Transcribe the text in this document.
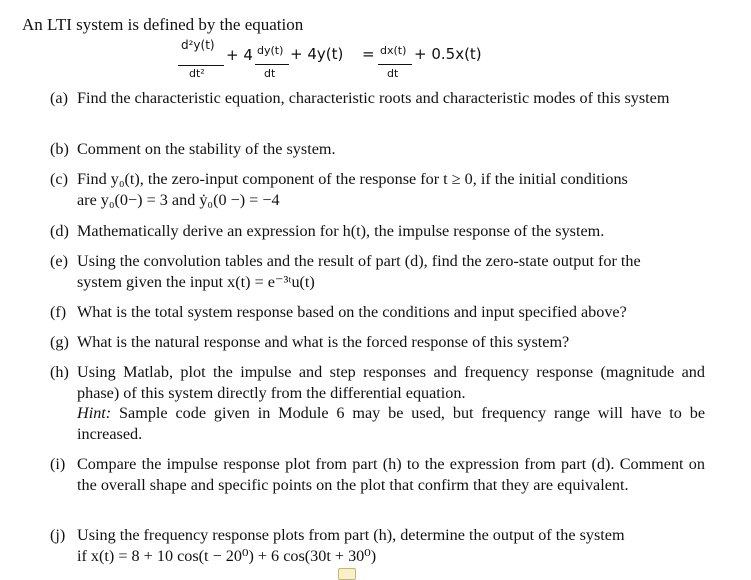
An LTI system is defined by the equation
d²y(t)
dt²
+ 4 dy(t)
dt
+ 4y(t) = dx(t)
dt
+ 0.5x(t)
(a) Find the characteristic equation, characteristic roots and characteristic modes of this system
(b) Comment on the stability of the system.
(c) Find y₀(t), the zero-input component of the response for t ≥ 0, if the initial conditions
are y₀(0−) = 3 and ẏ₀(0 −) = −4
(d) Mathematically derive an expression for h(t), the impulse response of the system.
(e) Using the convolution tables and the result of part (d), find the zero-state output for the
system given the input x(t) = e⁻³ᵗu(t)
(f) What is the total system response based on the conditions and input specified above?
(g) What is the natural response and what is the forced response of this system?
(h) Using Matlab, plot the impulse and step responses and frequency response (magnitude and phase) of this system directly from the differential equation.
Hint: Sample code given in Module 6 may be used, but frequency range will have to be increased.
(i) Compare the impulse response plot from part (h) to the expression from part (d). Comment on the overall shape and specific points on the plot that confirm that they are equivalent.
(j) Using the frequency response plots from part (h), determine the output of the system
if x(t) = 8 + 10 cos(t − 20⁰) + 6 cos(30t + 30⁰)
